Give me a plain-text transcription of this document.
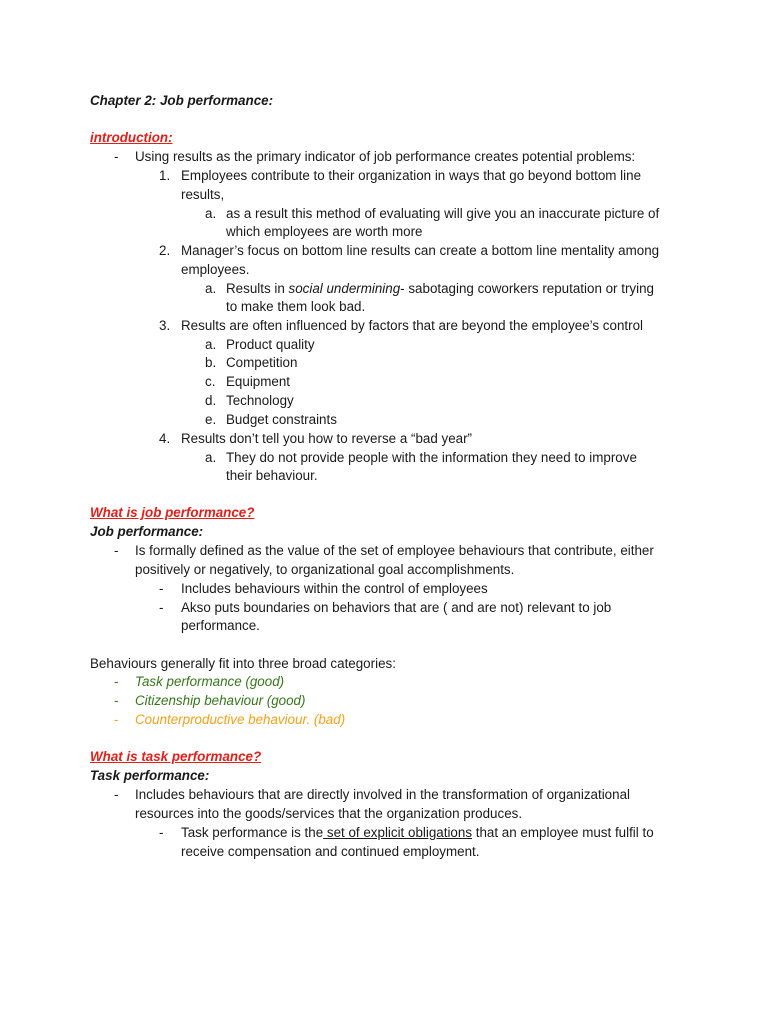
Chapter 2: Job performance:
introduction:
- Using results as the primary indicator of job performance creates potential problems:
1. Employees contribute to their organization in ways that go beyond bottom line
results,
a. as a result this method of evaluating will give you an inaccurate picture of
which employees are worth more
2. Manager’s focus on bottom line results can create a bottom line mentality among
employees.
a. Results in social undermining- sabotaging coworkers reputation or trying
to make them look bad.
3. Results are often influenced by factors that are beyond the employee’s control
a. Product quality
b. Competition
c. Equipment
d. Technology
e. Budget constraints
4. Results don’t tell you how to reverse a “bad year”
a. They do not provide people with the information they need to improve
their behaviour.
What is job performance?
Job performance:
- Is formally defined as the value of the set of employee behaviours that contribute, either
positively or negatively, to organizational goal accomplishments.
- Includes behaviours within the control of employees
- Akso puts boundaries on behaviors that are ( and are not) relevant to job
performance.
Behaviours generally fit into three broad categories:
- Task performance (good)
- Citizenship behaviour (good)
- Counterproductive behaviour. (bad)
What is task performance?
Task performance:
- Includes behaviours that are directly involved in the transformation of organizational
resources into the goods/services that the organization produces.
- Task performance is the set of explicit obligations that an employee must fulfil to
receive compensation and continued employment.
